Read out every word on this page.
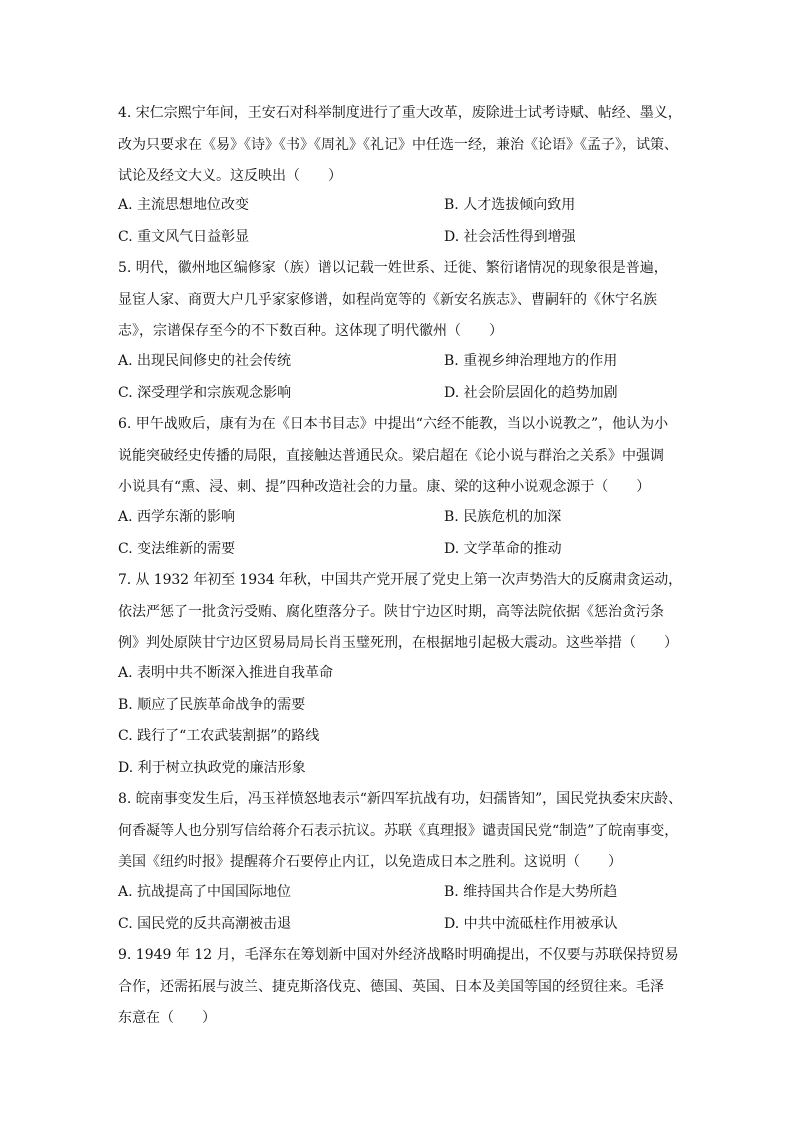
4. 宋仁宗熙宁年间，王安石对科举制度进行了重大改革，废除进士试考诗赋、帖经、墨义，
改为只要求在《易》《诗》《书》《周礼》《礼记》中任选一经，兼治《论语》《孟子》，试策、
试论及经文大义。这反映出（　　）
A. 主流思想地位改变	B. 人才选拔倾向致用
C. 重文风气日益彰显	D. 社会活性得到增强
5. 明代，徽州地区编修家（族）谱以记载一姓世系、迁徙、繁衍诸情况的现象很是普遍，
显宦人家、商贾大户几乎家家修谱，如程尚宽等的《新安名族志》、曹嗣轩的《休宁名族
志》，宗谱保存至今的不下数百种。这体现了明代徽州（　　）
A. 出现民间修史的社会传统	B. 重视乡绅治理地方的作用
C. 深受理学和宗族观念影响	D. 社会阶层固化的趋势加剧
6. 甲午战败后，康有为在《日本书目志》中提出“六经不能教，当以小说教之”，他认为小
说能突破经史传播的局限，直接触达普通民众。梁启超在《论小说与群治之关系》中强调
小说具有“熏、浸、刺、提”四种改造社会的力量。康、梁的这种小说观念源于（　　）
A. 西学东渐的影响	B. 民族危机的加深
C. 变法维新的需要	D. 文学革命的推动
7. 从 1932 年初至 1934 年秋，中国共产党开展了党史上第一次声势浩大的反腐肃贪运动，
依法严惩了一批贪污受贿、腐化堕落分子。陕甘宁边区时期，高等法院依据《惩治贪污条
例》判处原陕甘宁边区贸易局局长肖玉璧死刑，在根据地引起极大震动。这些举措（　　）
A. 表明中共不断深入推进自我革命
B. 顺应了民族革命战争的需要
C. 践行了“工农武装割据”的路线
D. 利于树立执政党的廉洁形象
8. 皖南事变发生后，冯玉祥愤怒地表示“新四军抗战有功，妇孺皆知”，国民党执委宋庆龄、
何香凝等人也分别写信给蒋介石表示抗议。苏联《真理报》谴责国民党“制造”了皖南事变，
美国《纽约时报》提醒蒋介石要停止内讧，以免造成日本之胜利。这说明（　　）
A. 抗战提高了中国国际地位	B. 维持国共合作是大势所趋
C. 国民党的反共高潮被击退	D. 中共中流砥柱作用被承认
9. 1949 年 12 月，毛泽东在筹划新中国对外经济战略时明确提出，不仅要与苏联保持贸易
合作，还需拓展与波兰、捷克斯洛伐克、德国、英国、日本及美国等国的经贸往来。毛泽
东意在（　　）
